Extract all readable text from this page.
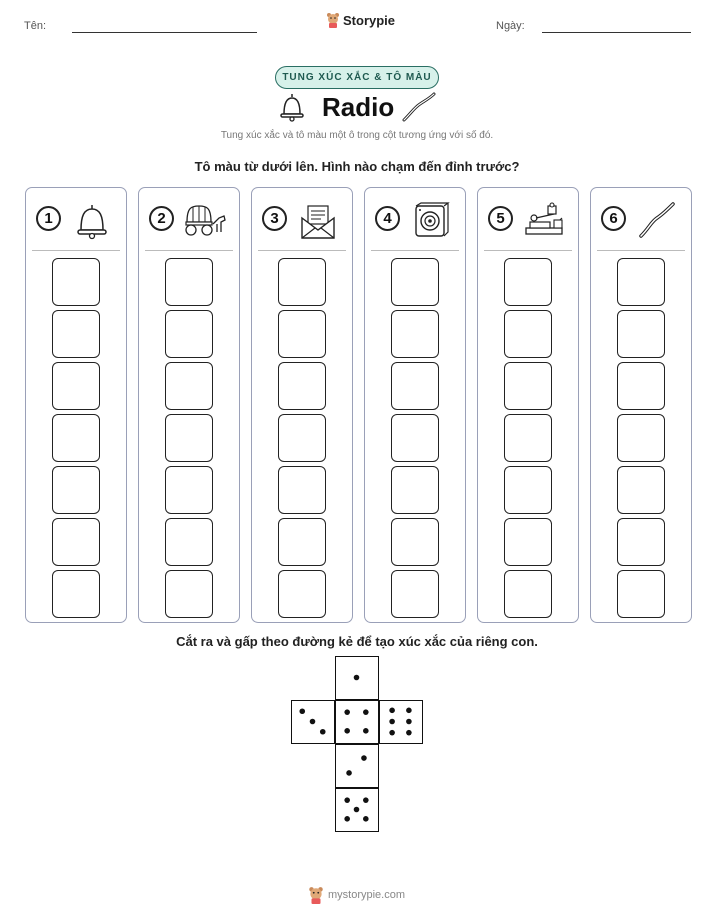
Tên:	Storypie	Ngày:
TUNG XÚC XẮC & TÔ MÀU
Radio
Tung xúc xắc và tô màu một ô trong cột tương ứng với số đó.
Tô màu từ dưới lên. Hình nào chạm đến đỉnh trước?
1	2	3	4	5	6
Cắt ra và gấp theo đường kẻ để tạo xúc xắc của riêng con.
mystorypie.com
